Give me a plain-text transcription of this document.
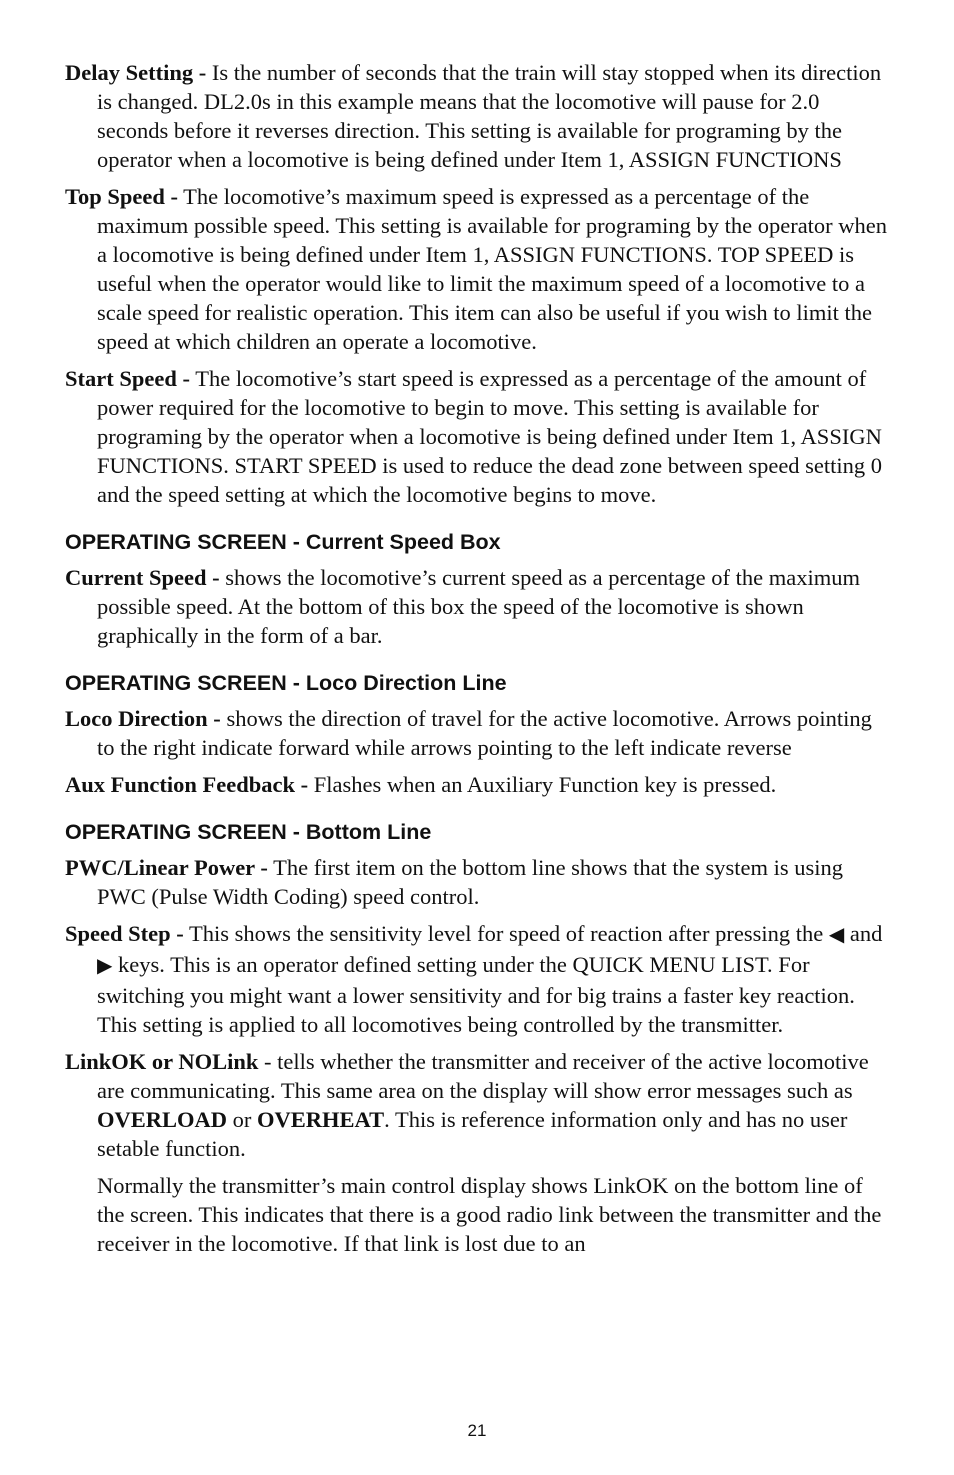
Delay Setting - Is the number of seconds that the train will stay stopped when its direction is changed. DL2.0s in this example means that the locomotive will pause for 2.0 seconds before it reverses direction. This setting is available for programing by the operator when a locomotive is being defined under Item 1, ASSIGN FUNCTIONS

Top Speed - The locomotive’s maximum speed is expressed as a percentage of the maximum possible speed. This setting is available for programing by the operator when a locomotive is being defined under Item 1, ASSIGN FUNCTIONS. TOP SPEED is useful when the operator would like to limit the maximum speed of a locomotive to a scale speed for realistic operation. This item can also be useful if you wish to limit the speed at which children an operate a locomotive.

Start Speed - The locomotive’s start speed is expressed as a percentage of the amount of power required for the locomotive to begin to move. This setting is available for programing by the operator when a locomotive is being defined under Item 1, ASSIGN FUNCTIONS. START SPEED is used to reduce the dead zone between speed setting 0 and the speed setting at which the locomotive begins to move.

OPERATING SCREEN - Current Speed Box

Current Speed - shows the locomotive’s current speed as a percentage of the maximum possible speed. At the bottom of this box the speed of the locomotive is shown graphically in the form of a bar.

OPERATING SCREEN - Loco Direction Line

Loco Direction - shows the direction of travel for the active locomotive. Arrows pointing to the right indicate forward while arrows pointing to the left indicate reverse

Aux Function Feedback - Flashes when an Auxiliary Function key is pressed.

OPERATING SCREEN - Bottom Line

PWC/Linear Power - The first item on the bottom line shows that the system is using PWC (Pulse Width Coding) speed control.

Speed Step - This shows the sensitivity level for speed of reaction after pressing the ◀ and ▶ keys. This is an operator defined setting under the QUICK MENU LIST. For switching you might want a lower sensitivity and for big trains a faster key reaction. This setting is applied to all locomotives being controlled by the transmitter.

LinkOK or NOLink - tells whether the transmitter and receiver of the active locomotive are communicating. This same area on the display will show error messages such as OVERLOAD or OVERHEAT. This is reference information only and has no user setable function.

Normally the transmitter’s main control display shows LinkOK on the bottom line of the screen. This indicates that there is a good radio link between the transmitter and the receiver in the locomotive. If that link is lost due to an

21
